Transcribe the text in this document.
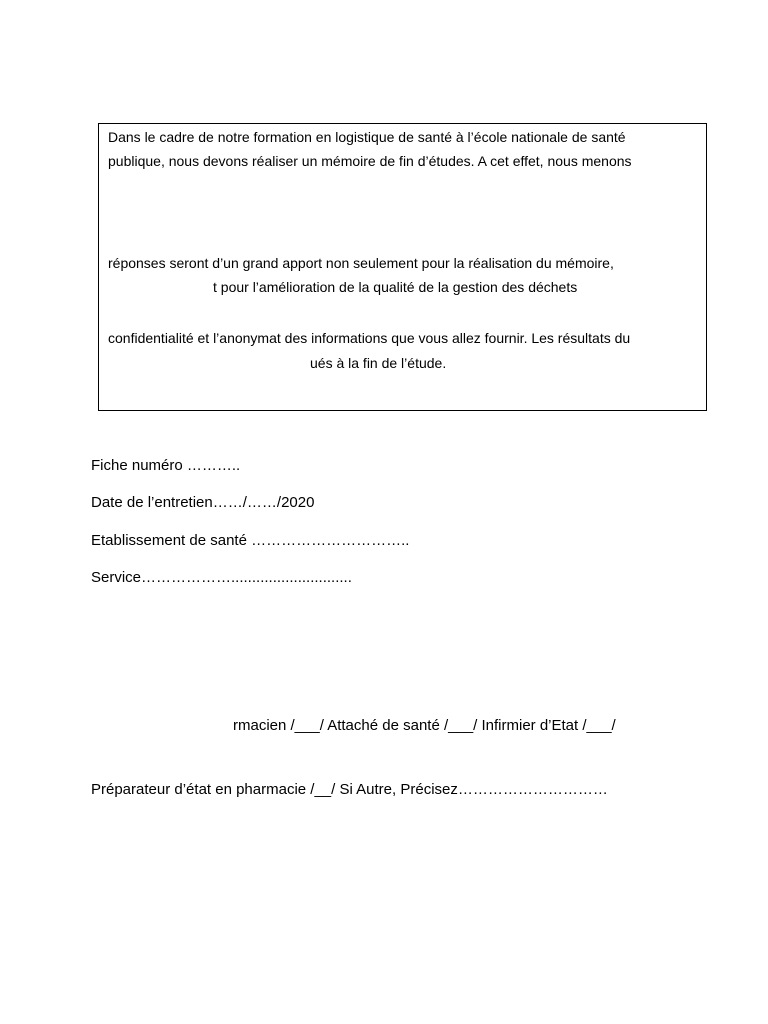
Dans le cadre de notre formation en logistique de santé à l’école nationale de santé
publique, nous devons réaliser un mémoire de fin d’études. A cet effet, nous menons
réponses seront d’un grand apport non seulement pour la réalisation du mémoire,
t pour l’amélioration de la qualité de la gestion des déchets
confidentialité et l’anonymat des informations que vous allez fournir. Les résultats du
ués à la fin de l’étude.
Fiche numéro ………..
Date de l’entretien……/……/2020
Etablissement de santé …………………………..
Service……………….............................
rmacien /___/ Attaché de santé /___/ Infirmier d’Etat /___/
Préparateur d’état en pharmacie /__/ Si Autre, Précisez…………………………
